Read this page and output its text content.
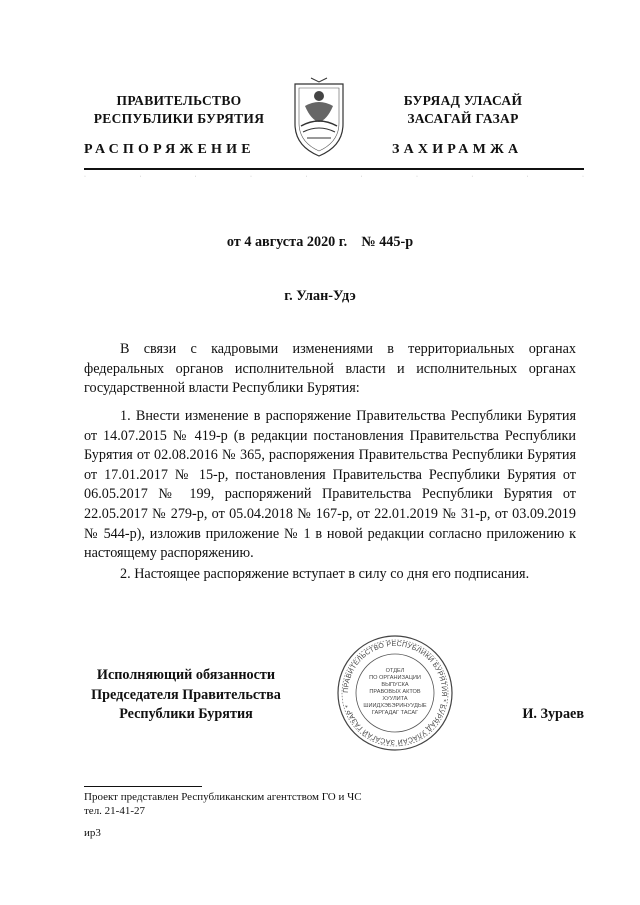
ПРАВИТЕЛЬСТВО
РЕСПУБЛИКИ БУРЯТИЯ
РАСПОРЯЖЕНИЕ
БУРЯАД УЛАСАЙ
ЗАСАГАЙ ГАЗАР
ЗАХИРАМЖА
·	·	·	·	·	·	·	·	·	·
от 4 августа 2020 г.    № 445-р
г. Улан-Удэ
В связи с кадровыми изменениями в территориальных органах федеральных органов исполнительной власти и исполнительных органах государственной власти Республики Бурятия:
1. Внести изменение в распоряжение Правительства Республики Бурятия от 14.07.2015 № 419-р (в редакции постановления Правительства Республики Бурятия от 02.08.2016 № 365, распоряжения Правительства Республики Бурятия от 17.01.2017 № 15-р, постановления Правительства Республики Бурятия от 06.05.2017 № 199, распоряжений Правительства Республики Бурятия от 22.05.2017 № 279-р, от 05.04.2018 № 167-р, от 22.01.2019 № 31-р, от 03.09.2019 № 544-р), изложив приложение № 1 в новой редакции согласно приложению к настоящему распоряжению.
2. Настоящее распоряжение вступает в силу со дня его подписания.
Исполняющий обязанности
Председателя Правительства
Республики Бурятия
ПРАВИТЕЛЬСТВО РЕСПУБЛИКИ БУРЯТИЯ * БУРЯАД УЛАСАЙ ЗАСАГАЙ ГАЗАР *
ОТДЕЛ
ПО ОРГАНИЗАЦИИ
ВЫПУСКА
ПРАВОВЫХ АКТОВ
ХУУЛИТА
ШИИДХЭБЭРИНУУДЫЕ
ГАРГАДАГ ТАСАГ	И. Зураев
Проект представлен Республиканским агентством ГО и ЧС
тел. 21-41-27
ир3
